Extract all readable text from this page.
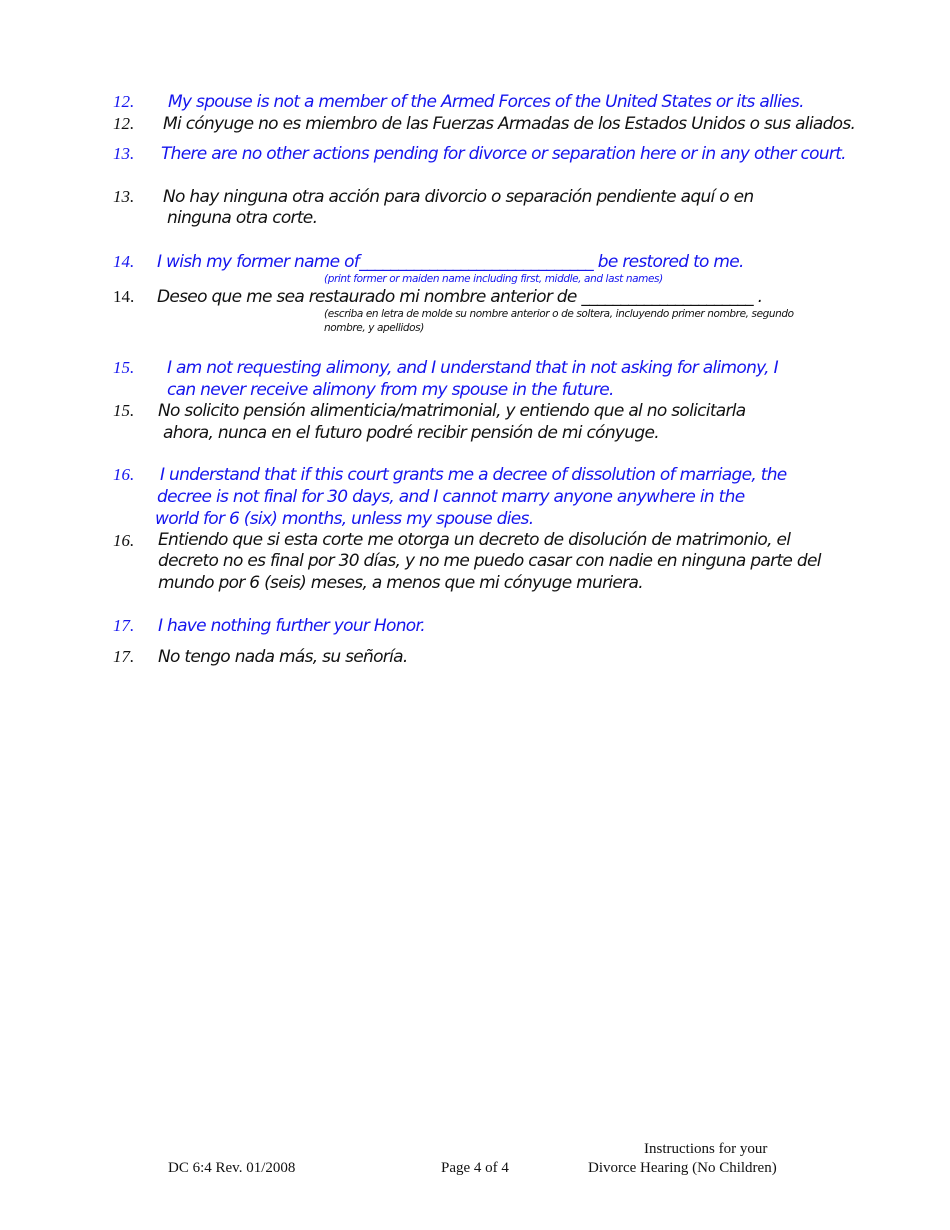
12. My spouse is not a member of the Armed Forces of the United States or its allies.
12. Mi cónyuge no es miembro de las Fuerzas Armadas de los Estados Unidos o sus aliados.
13. There are no other actions pending for divorce or separation here or in any other court.
13. No hay ninguna otra acción para divorcio o separación pendiente aquí o en
ninguna otra corte.
14. I wish my former name of______________________________ be restored to me.
(print former or maiden name including first, middle, and last names)
14. Deseo que me sea restaurado mi nombre anterior de ______________________ .
(escriba en letra de molde su nombre anterior o de soltera, incluyendo primer nombre, segundo
nombre, y apellidos)
15. I am not requesting alimony, and I understand that in not asking for alimony, I
can never receive alimony from my spouse in the future.
15. No solicito pensión alimenticia/matrimonial, y entiendo que al no solicitarla
ahora, nunca en el futuro podré recibir pensión de mi cónyuge.
16. I understand that if this court grants me a decree of dissolution of marriage, the
decree is not final for 30 days, and I cannot marry anyone anywhere in the
world for 6 (six) months, unless my spouse dies.
16. Entiendo que si esta corte me otorga un decreto de disolución de matrimonio, el
decreto no es final por 30 días, y no me puedo casar con nadie en ninguna parte del
mundo por 6 (seis) meses, a menos que mi cónyuge muriera.
17. I have nothing further your Honor.
17. No tengo nada más, su señoría.
DC 6:4 Rev. 01/2008	Page 4 of 4
Instructions for your
Divorce Hearing (No Children)
